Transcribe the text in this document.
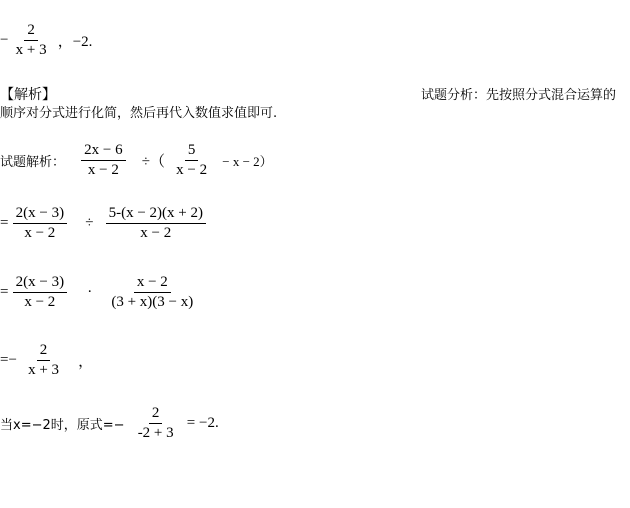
− $\frac{2}{x + 3}$ ，−2.
【解析】	试题分析：先按照分式混合运算的
顺序对分式进行化简，然后再代入数值求值即可.
试题解析： $\frac{2x - 6}{x - 2}$ ÷（ $\frac{5}{x - 2} - x - 2$）
= $\frac{2(x - 3)}{x - 2} \div \frac{5-(x - 2)(x + 2)}{x - 2}$
= $\frac{2(x - 3)}{x - 2} \cdot \frac{x - 2}{(3 + x)(3 - x)}$
=− $\frac{2}{x + 3}$ ，
当x=−2时，原式=− $\frac{2}{-2 + 3} = -2$.
